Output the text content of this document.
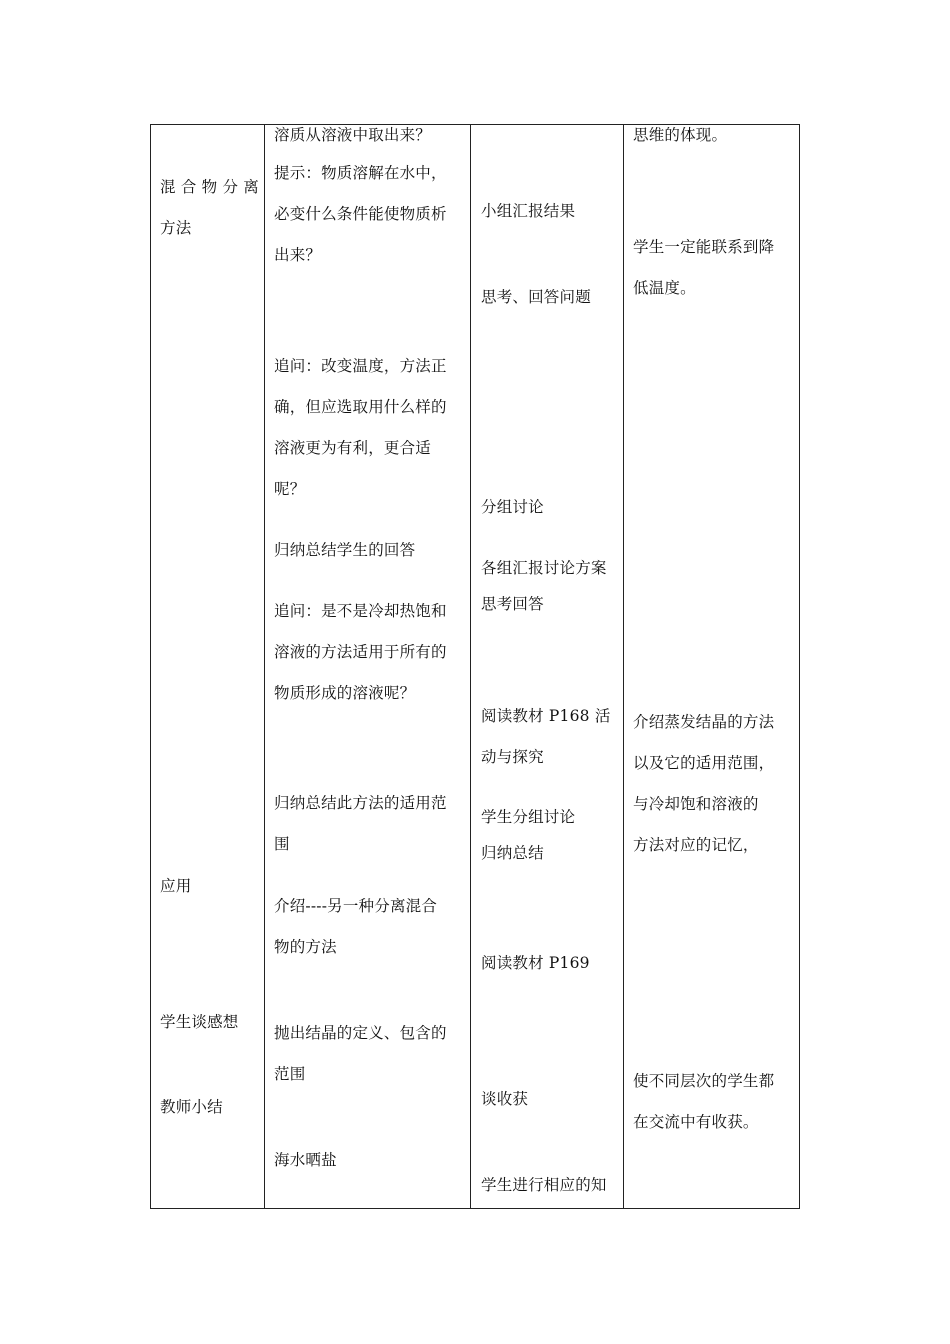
混 合 物 分 离
方法
应用
学生谈感想
教师小结
溶质从溶液中取出来？
提示：物质溶解在水中，
必变什么条件能使物质析
出来？
追问：改变温度，方法正
确，但应选取用什么样的
溶液更为有利，更合适
呢？
归纳总结学生的回答
追问：是不是冷却热饱和
溶液的方法适用于所有的
物质形成的溶液呢？
归纳总结此方法的适用范
围
介绍----另一种分离混合
物的方法
抛出结晶的定义、包含的
范围
海水晒盐
小组汇报结果
思考、回答问题
分组讨论
各组汇报讨论方案
思考回答
阅读教材 P168 活
动与探究
学生分组讨论
归纳总结
阅读教材 P169
谈收获
学生进行相应的知
思维的体现。
学生一定能联系到降
低温度。
介绍蒸发结晶的方法
以及它的适用范围，
与冷却饱和溶液的
方法对应的记忆，
使不同层次的学生都
在交流中有收获。
